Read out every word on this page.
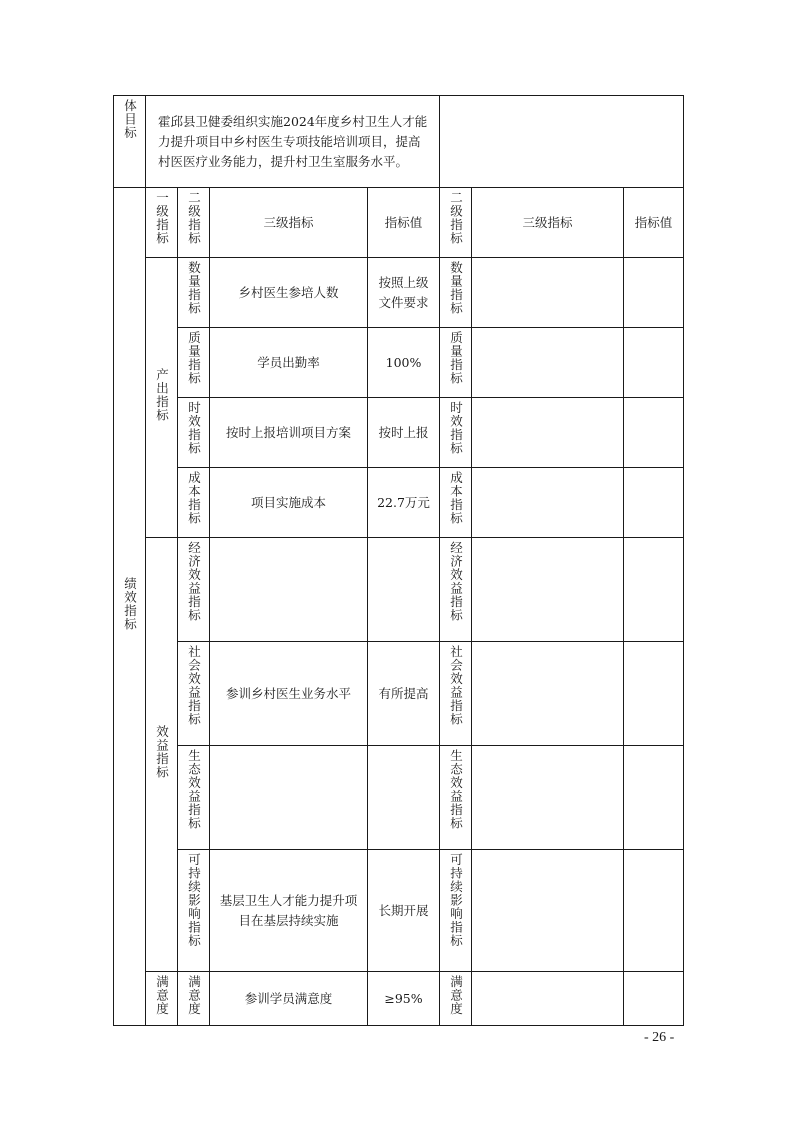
体目标	霍邱县卫健委组织实施2024年度乡村卫生人才能力提升项目中乡村医生专项技能培训项目，提高村医医疗业务能力，提升村卫生室服务水平。						
绩效指标	一级指标	二级指标	三级指标	指标值	二级指标	三级指标	指标值
	产出指标	数量指标	乡村医生参培人数	按照上级文件要求	数量指标		
		质量指标	学员出勤率	100%	质量指标		
		时效指标	按时上报培训项目方案	按时上报	时效指标		
		成本指标	项目实施成本	22.7万元	成本指标		
	效益指标	经济效益指标			经济效益指标		
		社会效益指标	参训乡村医生业务水平	有所提高	社会效益指标		
		生态效益指标			生态效益指标		
		可持续影响指标	基层卫生人才能力提升项目在基层持续实施	长期开展	可持续影响指标		
	满意度	满意度	参训学员满意度	≥95%	满意度		
- 26 -
